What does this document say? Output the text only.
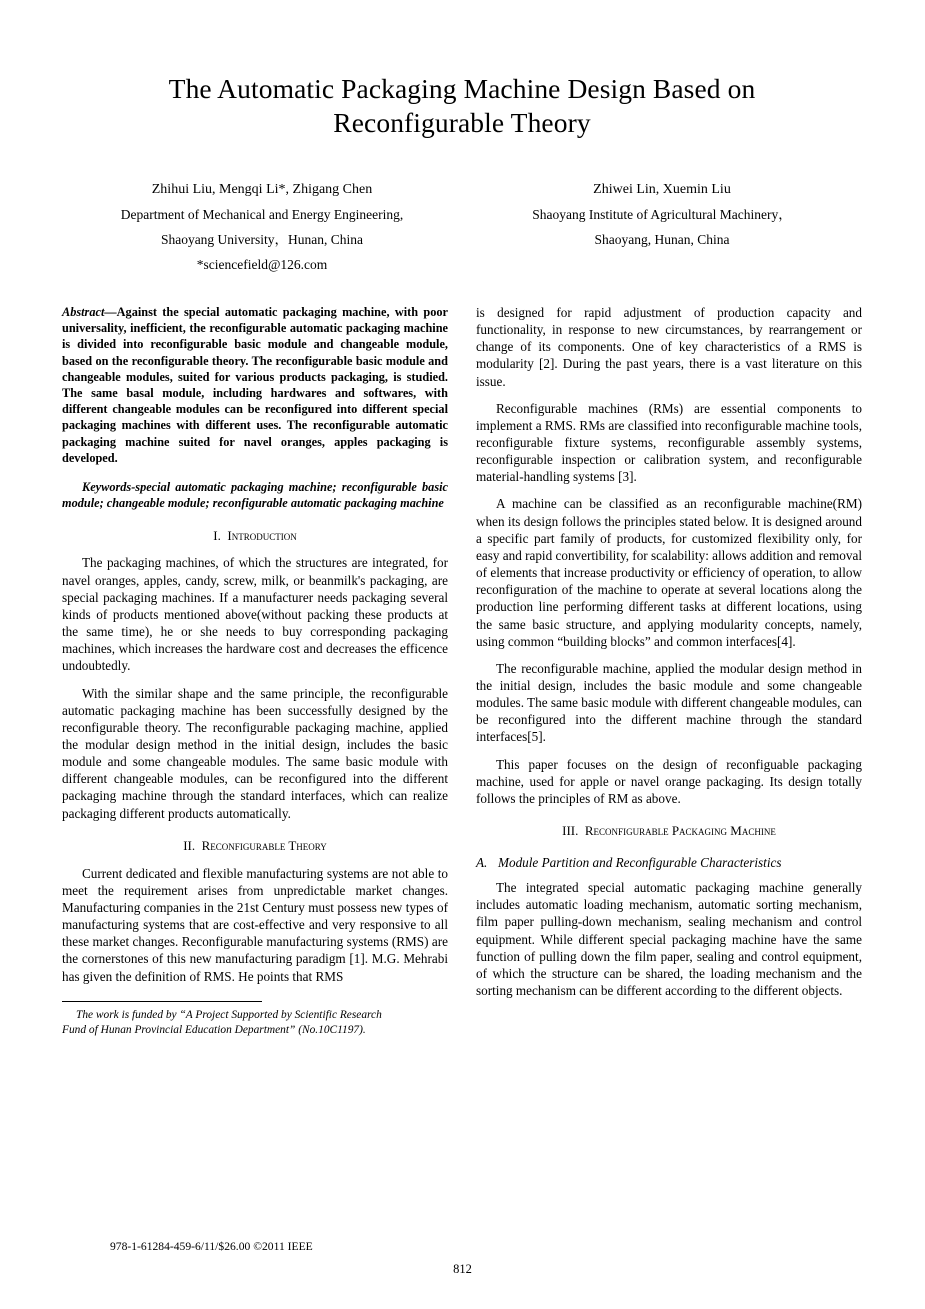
The Automatic Packaging Machine Design Based on Reconfigurable Theory
Zhihui Liu, Mengqi Li*, Zhigang Chen
Department of Mechanical and Energy Engineering,
Shaoyang University，Hunan, China
*sciencefield@126.com
Zhiwei Lin, Xuemin Liu
Shaoyang Institute of Agricultural Machinery，
Shaoyang, Hunan, China

Abstract—Against the special automatic packaging machine, with poor universality, inefficient, the reconfigurable automatic packaging machine is divided into reconfigurable basic module and changeable module, based on the reconfigurable theory. The reconfigurable basic module and changeable modules, suited for various products packaging, is studied. The same basal module, including hardwares and softwares, with different changeable modules can be reconfigured into different special packaging machines with different uses. The reconfigurable automatic packaging machine suited for navel oranges, apples packaging is developed.

Keywords-special automatic packaging machine; reconfigurable basic module; changeable module; reconfigurable automatic packaging machine

I. Introduction

The packaging machines, of which the structures are integrated, for navel oranges, apples, candy, screw, milk, or beanmilk's packaging, are special packaging machines. If a manufacturer needs packaging several kinds of products mentioned above(without packing these products at the same time), he or she needs to buy corresponding packaging machines, which increases the hardware cost and decreases the efficence undoubtedly.

With the similar shape and the same principle, the reconfigurable automatic packaging machine has been successfully designed by the reconfigurable theory. The reconfigurable packaging machine, applied the modular design method in the initial design, includes the basic module and some changeable modules. The same basic module with different changeable modules, can be reconfigured into the different packaging machine through the standard interfaces, which can realize packaging different products automatically.

II. Reconfigurable Theory

Current dedicated and flexible manufacturing systems are not able to meet the requirement arises from unpredictable market changes. Manufacturing companies in the 21st Century must possess new types of manufacturing systems that are cost-effective and very responsive to all these market changes. Reconfigurable manufacturing systems (RMS) are the cornerstones of this new manufacturing paradigm [1]. M.G. Mehrabi has given the definition of RMS. He points that RMS

The work is funded by “A Project Supported by Scientific Research

Fund of Hunan Provincial Education Department” (No.10C1197).

is designed for rapid adjustment of production capacity and functionality, in response to new circumstances, by rearrangement or change of its components. One of key characteristics of a RMS is modularity [2]. During the past years, there is a vast literature on this issue.

Reconfigurable machines (RMs) are essential components to implement a RMS. RMs are classified into reconfigurable machine tools, reconfigurable fixture systems, reconfigurable assembly systems, reconfigurable inspection or calibration system, and reconfigurable material-handling systems [3].

A machine can be classified as an reconfigurable machine(RM) when its design follows the principles stated below. It is designed around a specific part family of products, for customized flexibility only, for easy and rapid convertibility, for scalability: allows addition and removal of elements that increase productivity or efficiency of operation, to allow reconfiguration of the machine to operate at several locations along the production line performing different tasks at different locations, using the same basic structure, and applying modularity concepts, namely, using common “building blocks” and common interfaces[4].

The reconfigurable machine, applied the modular design method in the initial design, includes the basic module and some changeable modules. The same basic module with different changeable modules, can be reconfigured into the different machine through the standard interfaces[5].

This paper focuses on the design of reconfiguable packaging machine, used for apple or navel orange packaging. Its design totally follows the principles of RM as above.

III. Reconfigurable Packaging Machine

A. Module Partition and Reconfigurable Characteristics

The integrated special automatic packaging machine generally includes automatic loading mechanism, automatic sorting mechanism, film paper pulling-down mechanism, sealing mechanism and control equipment. While different special packaging machine have the same function of pulling down the film paper, sealing and control equipment, of which the structure can be shared, the loading mechanism and the sorting mechanism can be different according to the different objects.

978-1-61284-459-6/11/$26.00 ©2011 IEEE
812
